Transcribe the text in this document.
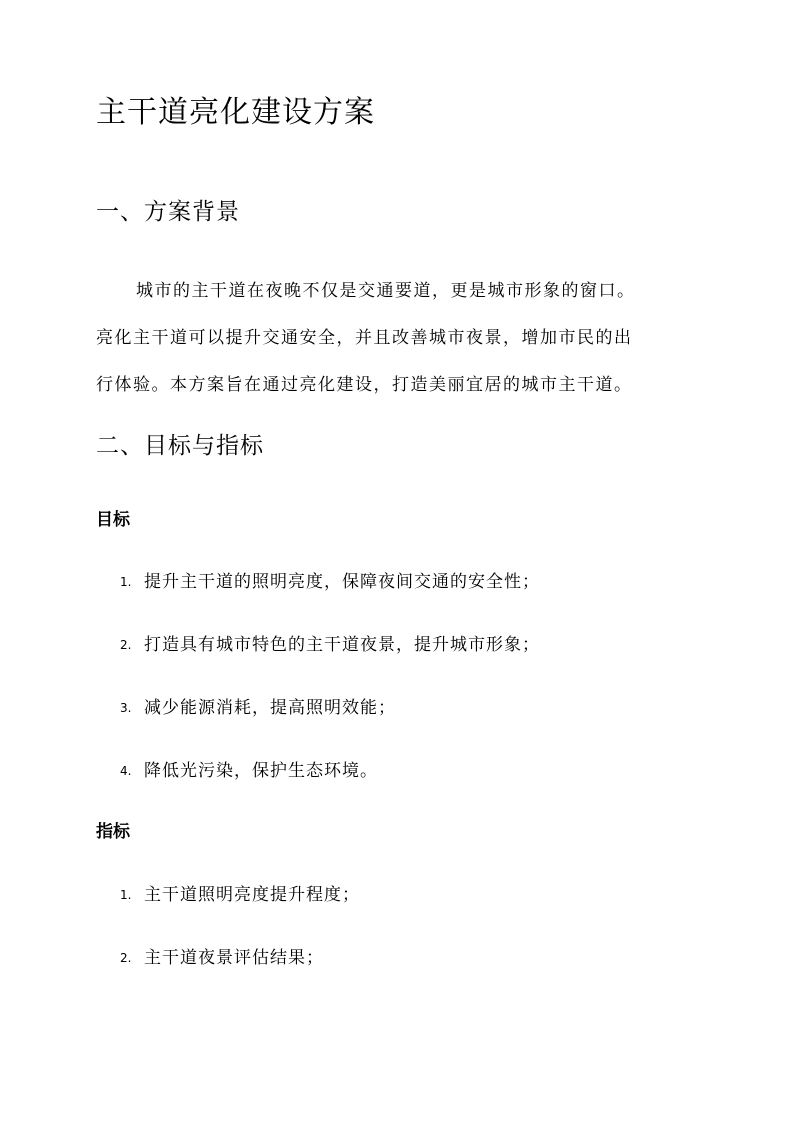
主干道亮化建设方案
一、方案背景

城市的主干道在夜晚不仅是交通要道，更是城市形象的窗口。
亮化主干道可以提升交通安全，并且改善城市夜景，增加市民的出
行体验。本方案旨在通过亮化建设，打造美丽宜居的城市主干道。

二、目标与指标
目标
1. 提升主干道的照明亮度，保障夜间交通的安全性；
2. 打造具有城市特色的主干道夜景，提升城市形象；
3. 减少能源消耗，提高照明效能；
4. 降低光污染，保护生态环境。
指标
1. 主干道照明亮度提升程度；
2. 主干道夜景评估结果；
